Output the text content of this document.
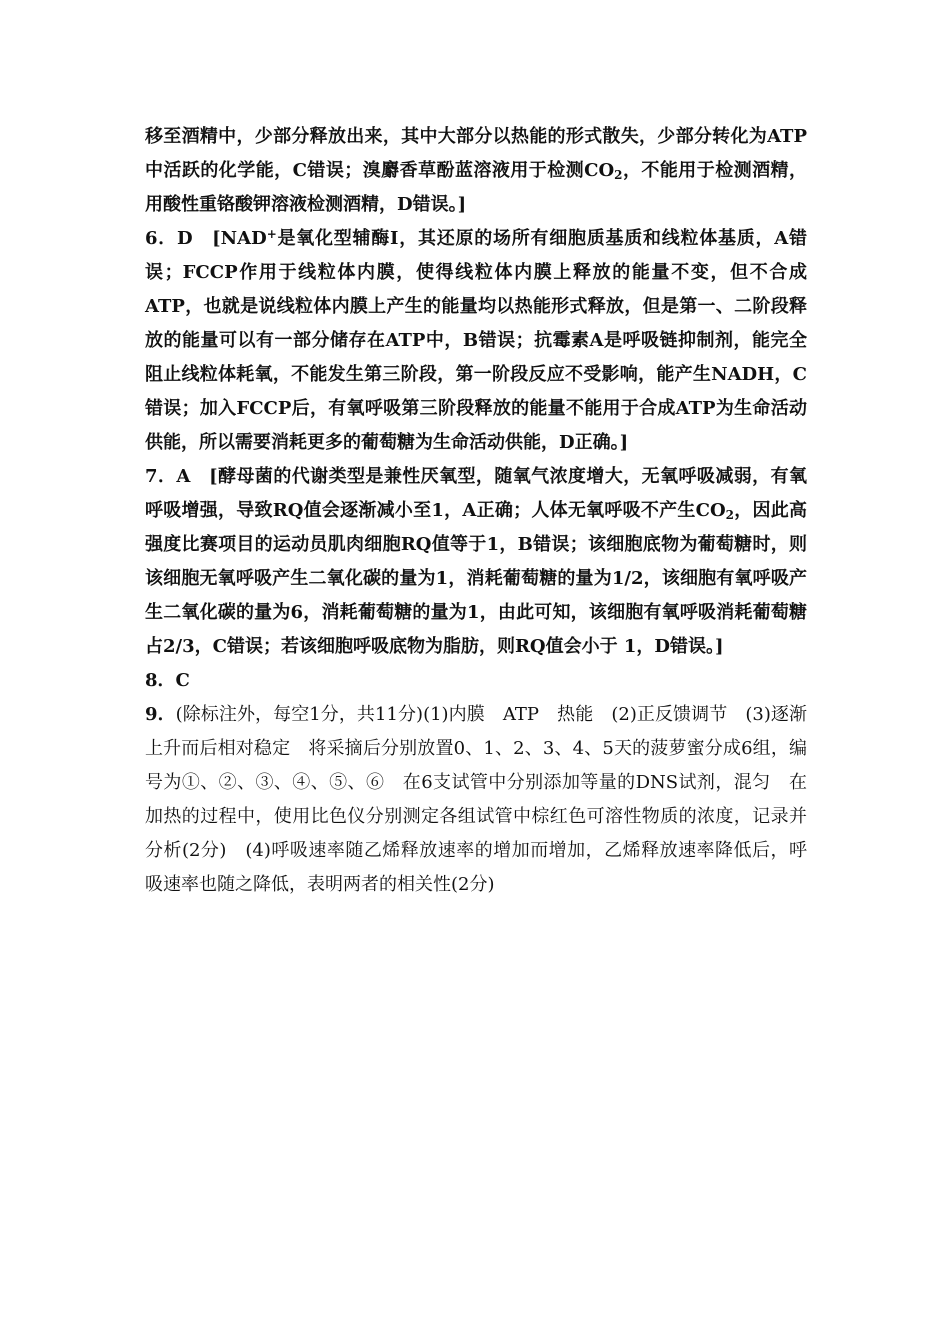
移至酒精中，少部分释放出来，其中大部分以热能的形式散失，少部分转化为ATP中活跃的化学能，C错误；溴麝香草酚蓝溶液用于检测$CO_2$，不能用于检测酒精，用酸性重铬酸钾溶液检测酒精，D错误。]

6．D　[NAD+是氧化型辅酶Ⅰ，其还原的场所有细胞质基质和线粒体基质，A错误；FCCP作用于线粒体内膜，使得线粒体内膜上释放的能量不变，但不合成ATP，也就是说线粒体内膜上产生的能量均以热能形式释放，但是第一、二阶段释放的能量可以有一部分储存在ATP中，B错误；抗霉素A是呼吸链抑制剂，能完全阻止线粒体耗氧，不能发生第三阶段，第一阶段反应不受影响，能产生NADH，C错误；加入FCCP后，有氧呼吸第三阶段释放的能量不能用于合成ATP为生命活动供能，所以需要消耗更多的葡萄糖为生命活动供能，D正确。]

7．A　[酵母菌的代谢类型是兼性厌氧型，随氧气浓度增大，无氧呼吸减弱，有氧呼吸增强，导致RQ值会逐渐减小至1，A正确；人体无氧呼吸不产生$CO_2$，因此高强度比赛项目的运动员肌肉细胞RQ值等于1，B错误；该细胞底物为葡萄糖时，则该细胞无氧呼吸产生二氧化碳的量为1，消耗葡萄糖的量为1/2，该细胞有氧呼吸产生二氧化碳的量为6，消耗葡萄糖的量为1，由此可知，该细胞有氧呼吸消耗葡萄糖占2/3，C错误；若该细胞呼吸底物为脂肪，则RQ值会小于 1，D错误。]

8．C

9．(除标注外，每空1分，共11分)(1)内膜　ATP　热能　(2)正反馈调节　(3)逐渐上升而后相对稳定　将采摘后分别放置0、1、2、3、4、5天的菠萝蜜分成6组，编号为①、②、③、④、⑤、⑥　在6支试管中分别添加等量的DNS试剂，混匀　在加热的过程中，使用比色仪分别测定各组试管中棕红色可溶性物质的浓度，记录并分析(2分)　(4)呼吸速率随乙烯释放速率的增加而增加，乙烯释放速率降低后，呼吸速率也随之降低，表明两者的相关性(2分)
